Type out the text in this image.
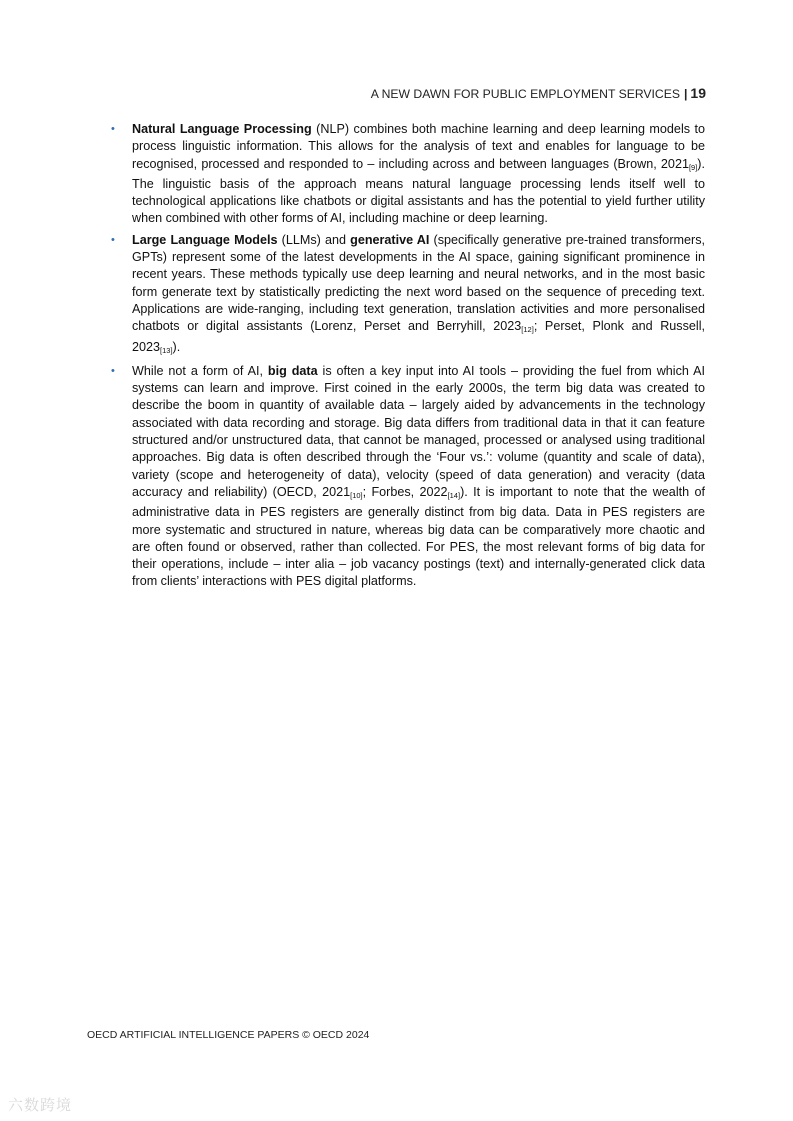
A NEW DAWN FOR PUBLIC EMPLOYMENT SERVICES | 19
• Natural Language Processing (NLP) combines both machine learning and deep learning models to process linguistic information. This allows for the analysis of text and enables for language to be recognised, processed and responded to – including across and between languages (Brown, 2021[9]). The linguistic basis of the approach means natural language processing lends itself well to technological applications like chatbots or digital assistants and has the potential to yield further utility when combined with other forms of AI, including machine or deep learning.
• Large Language Models (LLMs) and generative AI (specifically generative pre-trained transformers, GPTs) represent some of the latest developments in the AI space, gaining significant prominence in recent years. These methods typically use deep learning and neural networks, and in the most basic form generate text by statistically predicting the next word based on the sequence of preceding text. Applications are wide-ranging, including text generation, translation activities and more personalised chatbots or digital assistants (Lorenz, Perset and Berryhill, 2023[12]; Perset, Plonk and Russell, 2023[13]).
• While not a form of AI, big data is often a key input into AI tools – providing the fuel from which AI systems can learn and improve. First coined in the early 2000s, the term big data was created to describe the boom in quantity of available data – largely aided by advancements in the technology associated with data recording and storage. Big data differs from traditional data in that it can feature structured and/or unstructured data, that cannot be managed, processed or analysed using traditional approaches. Big data is often described through the ‘Four vs.’: volume (quantity and scale of data), variety (scope and heterogeneity of data), velocity (speed of data generation) and veracity (data accuracy and reliability) (OECD, 2021[10]; Forbes, 2022[14]). It is important to note that the wealth of administrative data in PES registers are generally distinct from big data. Data in PES registers are more systematic and structured in nature, whereas big data can be comparatively more chaotic and are often found or observed, rather than collected. For PES, the most relevant forms of big data for their operations, include – inter alia – job vacancy postings (text) and internally-generated click data from clients’ interactions with PES digital platforms.
OECD ARTIFICIAL INTELLIGENCE PAPERS © OECD 2024
六数跨境
